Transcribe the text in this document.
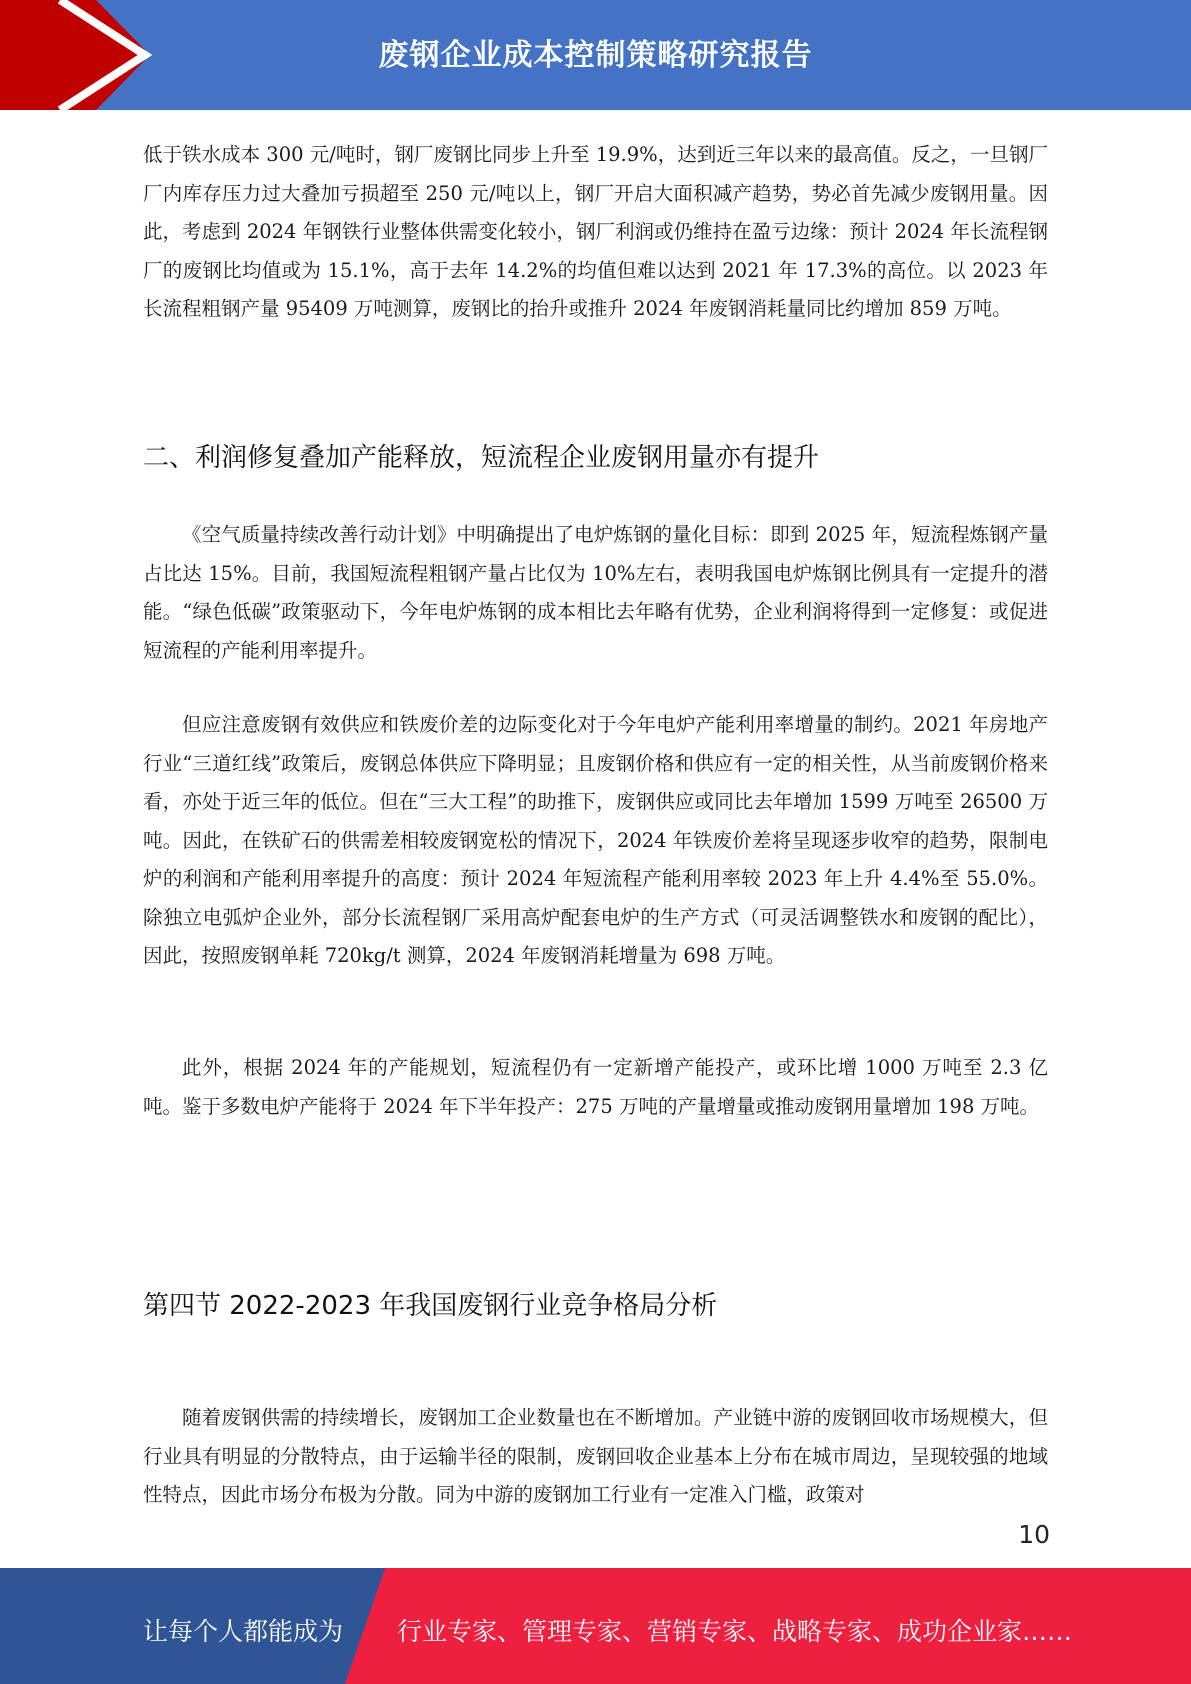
废钢企业成本控制策略研究报告

低于铁水成本 300 元/吨时，钢厂废钢比同步上升至 19.9%，达到近三年以来的最高值。反之，一旦钢厂厂内库存压力过大叠加亏损超至 250 元/吨以上，钢厂开启大面积减产趋势，势必首先减少废钢用量。因此，考虑到 2024 年钢铁行业整体供需变化较小，钢厂利润或仍维持在盈亏边缘：预计 2024 年长流程钢厂的废钢比均值或为 15.1%，高于去年 14.2%的均值但难以达到 2021 年 17.3%的高位。以 2023 年长流程粗钢产量 95409 万吨测算，废钢比的抬升或推升 2024 年废钢消耗量同比约增加 859 万吨。

二、利润修复叠加产能释放，短流程企业废钢用量亦有提升

《空气质量持续改善行动计划》中明确提出了电炉炼钢的量化目标：即到 2025 年，短流程炼钢产量占比达 15%。目前，我国短流程粗钢产量占比仅为 10%左右，表明我国电炉炼钢比例具有一定提升的潜能。“绿色低碳”政策驱动下，今年电炉炼钢的成本相比去年略有优势，企业利润将得到一定修复：或促进短流程的产能利用率提升。

但应注意废钢有效供应和铁废价差的边际变化对于今年电炉产能利用率增量的制约。2021 年房地产行业“三道红线”政策后，废钢总体供应下降明显；且废钢价格和供应有一定的相关性，从当前废钢价格来看，亦处于近三年的低位。但在“三大工程”的助推下，废钢供应或同比去年增加 1599 万吨至 26500 万吨。因此，在铁矿石的供需差相较废钢宽松的情况下，2024 年铁废价差将呈现逐步收窄的趋势，限制电炉的利润和产能利用率提升的高度：预计 2024 年短流程产能利用率较 2023 年上升 4.4%至 55.0%。除独立电弧炉企业外，部分长流程钢厂采用高炉配套电炉的生产方式（可灵活调整铁水和废钢的配比），因此，按照废钢单耗 720kg/t 测算，2024 年废钢消耗增量为 698 万吨。

此外，根据 2024 年的产能规划，短流程仍有一定新增产能投产，或环比增 1000 万吨至 2.3 亿吨。鉴于多数电炉产能将于 2024 年下半年投产：275 万吨的产量增量或推动废钢用量增加 198 万吨。

第四节 2022-2023 年我国废钢行业竞争格局分析

随着废钢供需的持续增长，废钢加工企业数量也在不断增加。产业链中游的废钢回收市场规模大，但行业具有明显的分散特点，由于运输半径的限制，废钢回收企业基本上分布在城市周边，呈现较强的地域性特点，因此市场分布极为分散。同为中游的废钢加工行业有一定准入门槛，政策对

10
让每个人都能成为 行业专家、管理专家、营销专家、战略专家、成功企业家……
